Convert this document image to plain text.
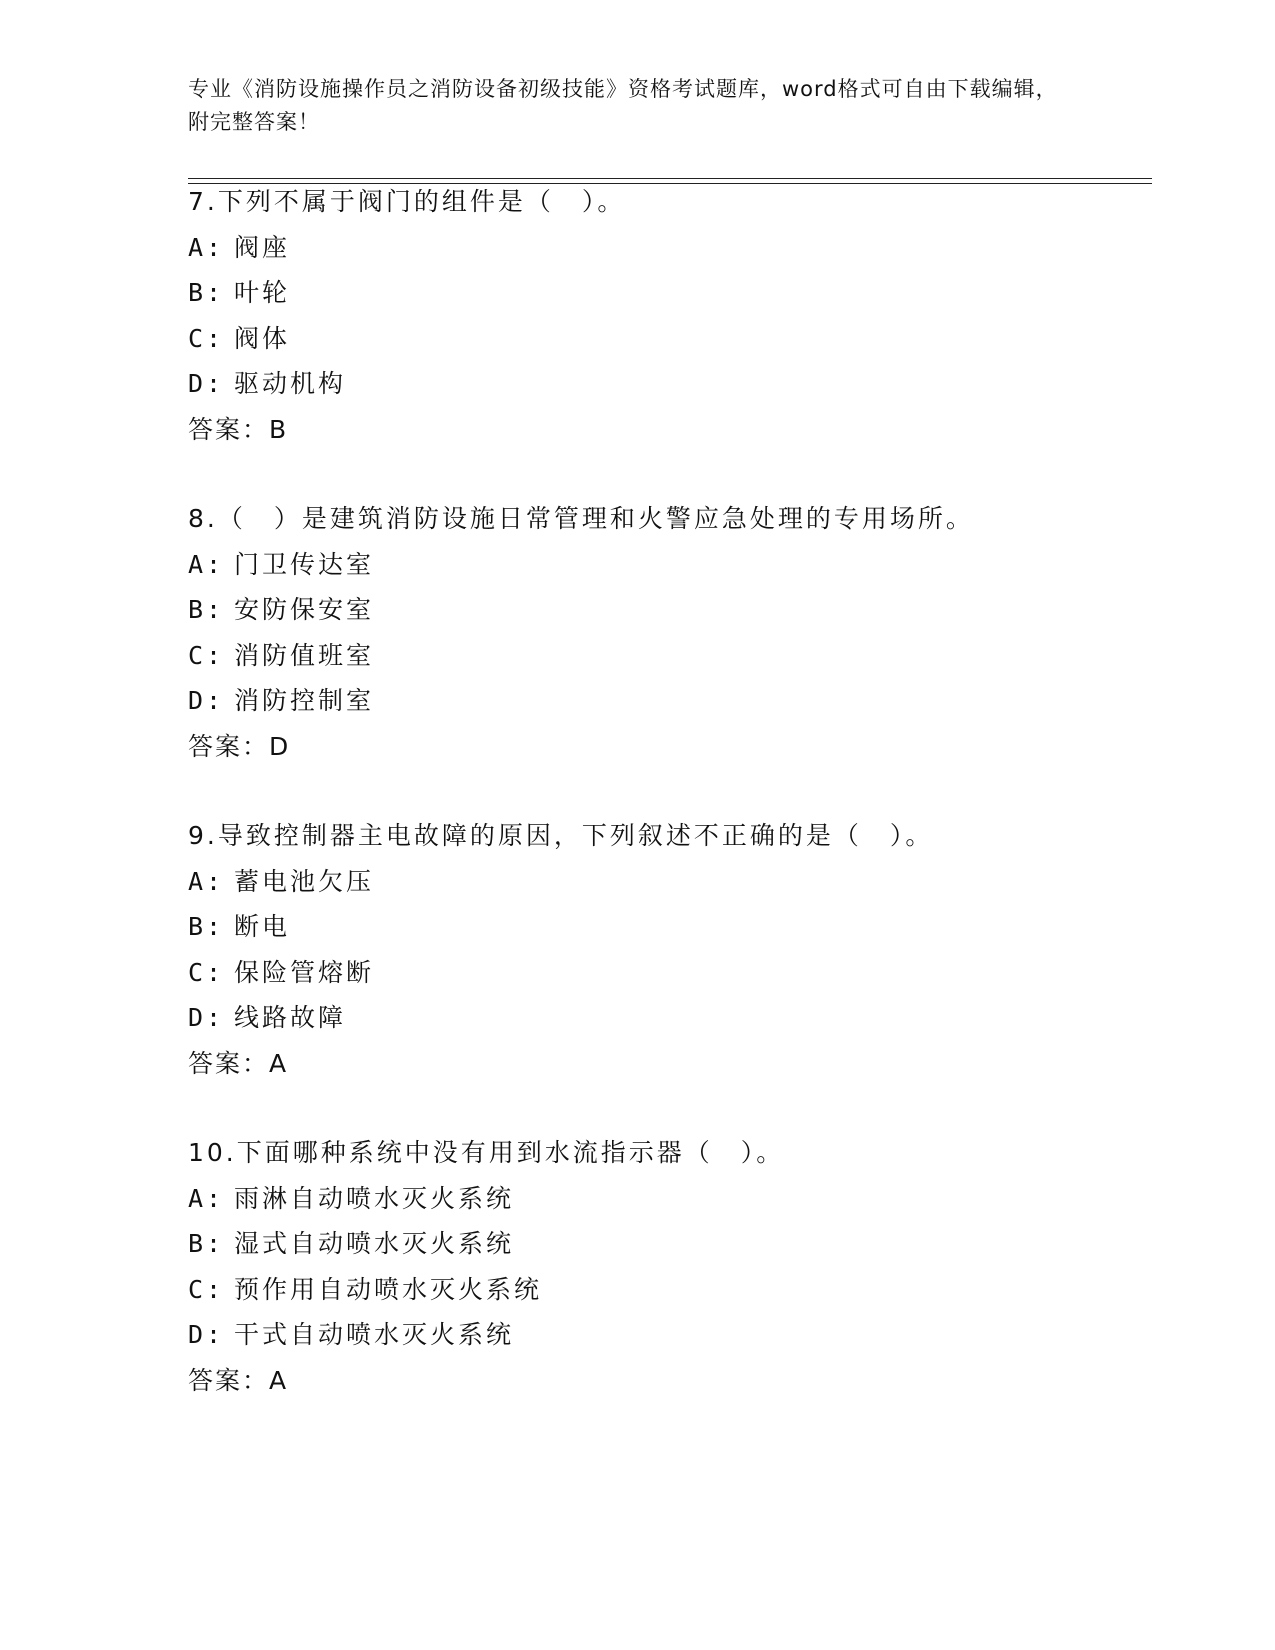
专业《消防设施操作员之消防设备初级技能》资格考试题库，word格式可自由下载编辑，附完整答案！

7.下列不属于阀门的组件是（　）。
A: 阀座
B: 叶轮
C: 阀体
D: 驱动机构
答案：B
8.（　）是建筑消防设施日常管理和火警应急处理的专用场所。
A: 门卫传达室
B: 安防保安室
C: 消防值班室
D: 消防控制室
答案：D
9.导致控制器主电故障的原因，下列叙述不正确的是（　）。
A: 蓄电池欠压
B: 断电
C: 保险管熔断
D: 线路故障
答案：A
10.下面哪种系统中没有用到水流指示器（　）。
A: 雨淋自动喷水灭火系统
B: 湿式自动喷水灭火系统
C: 预作用自动喷水灭火系统
D: 干式自动喷水灭火系统
答案：A
